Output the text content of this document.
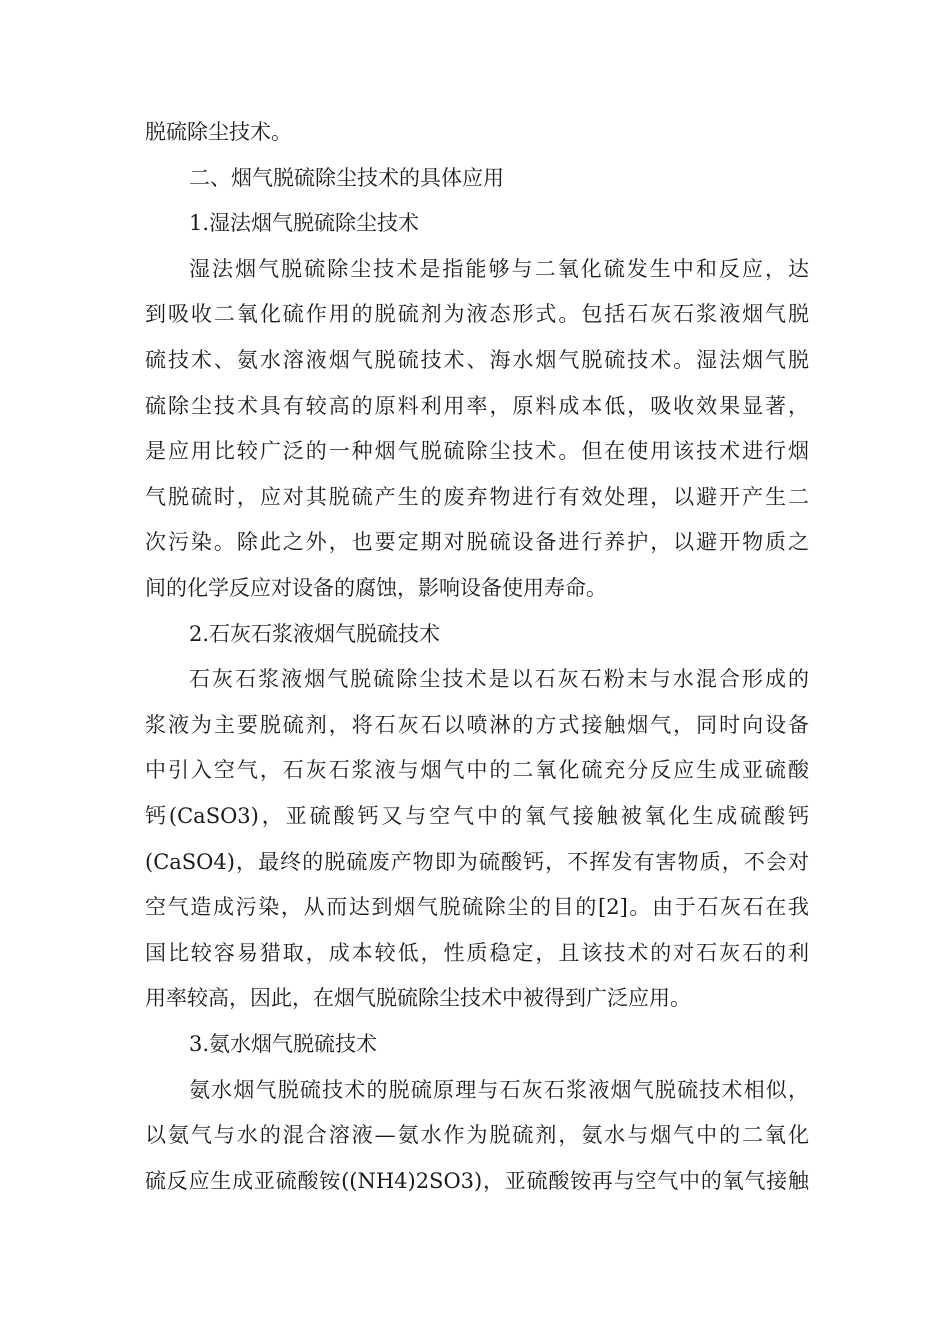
脱硫除尘技术。
二、烟气脱硫除尘技术的具体应用
1.湿法烟气脱硫除尘技术
湿法烟气脱硫除尘技术是指能够与二氧化硫发生中和反应，达
到吸收二氧化硫作用的脱硫剂为液态形式。包括石灰石浆液烟气脱
硫技术、氨水溶液烟气脱硫技术、海水烟气脱硫技术。湿法烟气脱
硫除尘技术具有较高的原料利用率，原料成本低，吸收效果显著，
是应用比较广泛的一种烟气脱硫除尘技术。但在使用该技术进行烟
气脱硫时，应对其脱硫产生的废弃物进行有效处理，以避开产生二
次污染。除此之外，也要定期对脱硫设备进行养护，以避开物质之
间的化学反应对设备的腐蚀，影响设备使用寿命。
2.石灰石浆液烟气脱硫技术
石灰石浆液烟气脱硫除尘技术是以石灰石粉末与水混合形成的
浆液为主要脱硫剂，将石灰石以喷淋的方式接触烟气，同时向设备
中引入空气，石灰石浆液与烟气中的二氧化硫充分反应生成亚硫酸
钙(CaSO3)，亚硫酸钙又与空气中的氧气接触被氧化生成硫酸钙
(CaSO4)，最终的脱硫废产物即为硫酸钙，不挥发有害物质，不会对
空气造成污染，从而达到烟气脱硫除尘的目的[2]。由于石灰石在我
国比较容易猎取，成本较低，性质稳定，且该技术的对石灰石的利
用率较高，因此，在烟气脱硫除尘技术中被得到广泛应用。
3.氨水烟气脱硫技术
氨水烟气脱硫技术的脱硫原理与石灰石浆液烟气脱硫技术相似，
以氨气与水的混合溶液—氨水作为脱硫剂，氨水与烟气中的二氧化
硫反应生成亚硫酸铵((NH4)2SO3)，亚硫酸铵再与空气中的氧气接触
